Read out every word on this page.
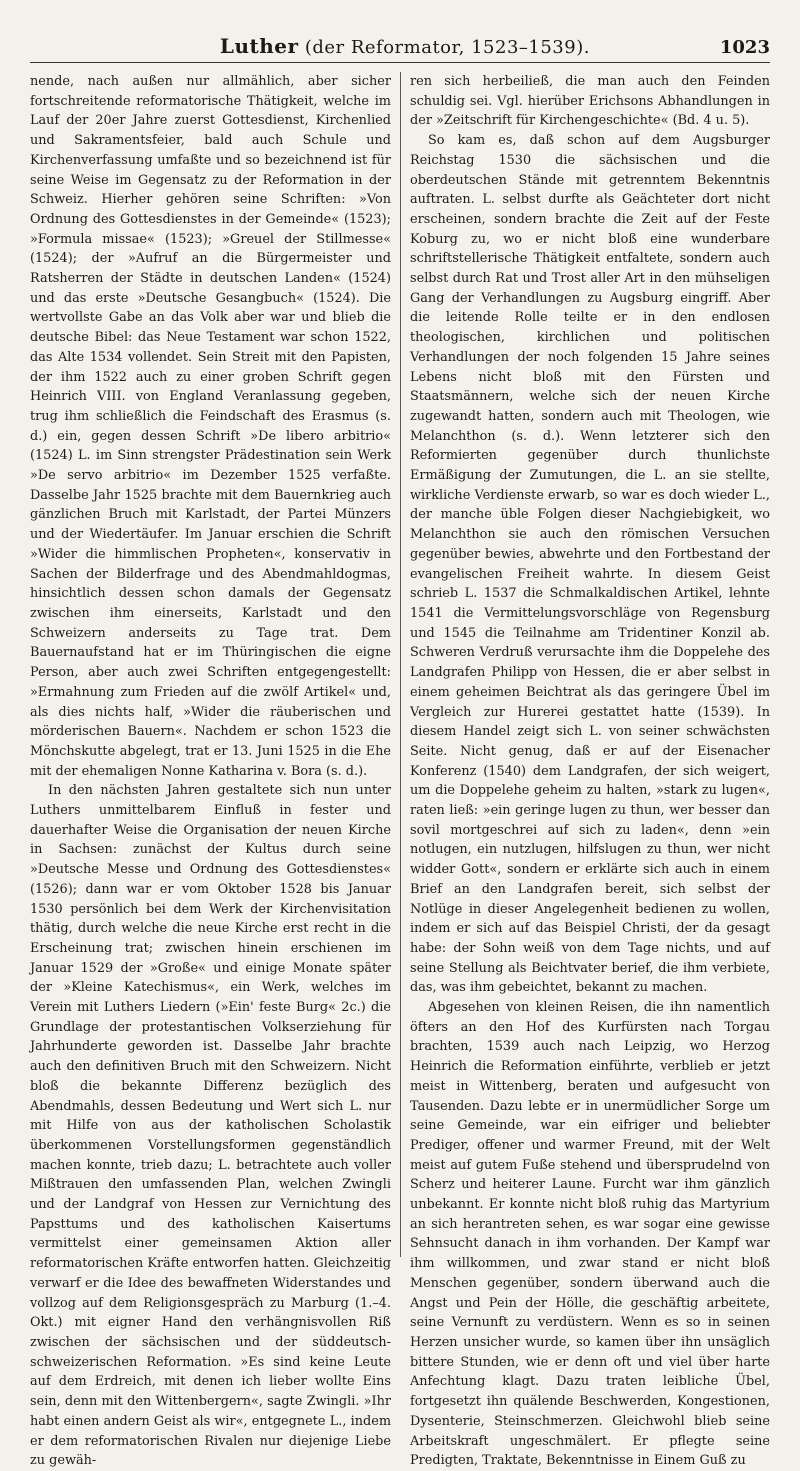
Luther (der Reformator, 1523–1539).	1023

nende, nach außen nur allmählich, aber sicher fortschreitende reformatorische Thätigkeit, welche im Lauf der 20er Jahre zuerst Gottesdienst, Kirchenlied und Sakramentsfeier, bald auch Schule und Kirchenverfassung umfaßte und so bezeichnend ist für seine Weise im Gegensatz zu der Reformation in der Schweiz. Hierher gehören seine Schriften: »Von Ordnung des Gottesdienstes in der Gemeinde« (1523); »Formula missae« (1523); »Greuel der Stillmesse« (1524); der »Aufruf an die Bürgermeister und Ratsherren der Städte in deutschen Landen« (1524) und das erste »Deutsche Gesangbuch« (1524). Die wertvollste Gabe an das Volk aber war und blieb die deutsche Bibel: das Neue Testament war schon 1522, das Alte 1534 vollendet. Sein Streit mit den Papisten, der ihm 1522 auch zu einer groben Schrift gegen Heinrich VIII. von England Veranlassung gegeben, trug ihm schließlich die Feindschaft des Erasmus (s. d.) ein, gegen dessen Schrift »De libero arbitrio« (1524) L. im Sinn strengster Prädestination sein Werk »De servo arbitrio« im Dezember 1525 verfaßte. Dasselbe Jahr 1525 brachte mit dem Bauernkrieg auch gänzlichen Bruch mit Karlstadt, der Partei Münzers und der Wiedertäufer. Im Januar erschien die Schrift »Wider die himmlischen Propheten«, konservativ in Sachen der Bilderfrage und des Abendmahldogmas, hinsichtlich dessen schon damals der Gegensatz zwischen ihm einerseits, Karlstadt und den Schweizern anderseits zu Tage trat. Dem Bauernaufstand hat er im Thüringischen die eigne Person, aber auch zwei Schriften entgegengestellt: »Ermahnung zum Frieden auf die zwölf Artikel« und, als dies nichts half, »Wider die räuberischen und mörderischen Bauern«. Nachdem er schon 1523 die Mönchskutte abgelegt, trat er 13. Juni 1525 in die Ehe mit der ehemaligen Nonne Katharina v. Bora (s. d.).

In den nächsten Jahren gestaltete sich nun unter Luthers unmittelbarem Einfluß in fester und dauerhafter Weise die Organisation der neuen Kirche in Sachsen: zunächst der Kultus durch seine »Deutsche Messe und Ordnung des Gottesdienstes« (1526); dann war er vom Oktober 1528 bis Januar 1530 persönlich bei dem Werk der Kirchenvisitation thätig, durch welche die neue Kirche erst recht in die Erscheinung trat; zwischen hinein erschienen im Januar 1529 der »Große« und einige Monate später der »Kleine Katechismus«, ein Werk, welches im Verein mit Luthers Liedern (»Ein' feste Burg« 2c.) die Grundlage der protestantischen Volkserziehung für Jahrhunderte geworden ist. Dasselbe Jahr brachte auch den definitiven Bruch mit den Schweizern. Nicht bloß die bekannte Differenz bezüglich des Abendmahls, dessen Bedeutung und Wert sich L. nur mit Hilfe von aus der katholischen Scholastik überkommenen Vorstellungsformen gegenständlich machen konnte, trieb dazu; L. betrachtete auch voller Mißtrauen den umfassenden Plan, welchen Zwingli und der Landgraf von Hessen zur Vernichtung des Papsttums und des katholischen Kaisertums vermittelst einer gemeinsamen Aktion aller reformatorischen Kräfte entworfen hatten. Gleichzeitig verwarf er die Idee des bewaffneten Widerstandes und vollzog auf dem Religionsgespräch zu Marburg (1.–4. Okt.) mit eigner Hand den verhängnisvollen Riß zwischen der sächsischen und der süddeutsch-schweizerischen Reformation. »Es sind keine Leute auf dem Erdreich, mit denen ich lieber wollte Eins sein, denn mit den Wittenbergern«, sagte Zwingli. »Ihr habt einen andern Geist als wir«, entgegnete L., indem er dem reformatorischen Rivalen nur diejenige Liebe zu gewäh-

ren sich herbeiließ, die man auch den Feinden schuldig sei. Vgl. hierüber Erichsons Abhandlungen in der »Zeitschrift für Kirchengeschichte« (Bd. 4 u. 5).

So kam es, daß schon auf dem Augsburger Reichstag 1530 die sächsischen und die oberdeutschen Stände mit getrenntem Bekenntnis auftraten. L. selbst durfte als Geächteter dort nicht erscheinen, sondern brachte die Zeit auf der Feste Koburg zu, wo er nicht bloß eine wunderbare schriftstellerische Thätigkeit entfaltete, sondern auch selbst durch Rat und Trost aller Art in den mühseligen Gang der Verhandlungen zu Augsburg eingriff. Aber die leitende Rolle teilte er in den endlosen theologischen, kirchlichen und politischen Verhandlungen der noch folgenden 15 Jahre seines Lebens nicht bloß mit den Fürsten und Staatsmännern, welche sich der neuen Kirche zugewandt hatten, sondern auch mit Theologen, wie Melanchthon (s. d.). Wenn letzterer sich den Reformierten gegenüber durch thunlichste Ermäßigung der Zumutungen, die L. an sie stellte, wirkliche Verdienste erwarb, so war es doch wieder L., der manche üble Folgen dieser Nachgiebigkeit, wo Melanchthon sie auch den römischen Versuchen gegenüber bewies, abwehrte und den Fortbestand der evangelischen Freiheit wahrte. In diesem Geist schrieb L. 1537 die Schmalkaldischen Artikel, lehnte 1541 die Vermittelungsvorschläge von Regensburg und 1545 die Teilnahme am Tridentiner Konzil ab. Schweren Verdruß verursachte ihm die Doppelehe des Landgrafen Philipp von Hessen, die er aber selbst in einem geheimen Beichtrat als das geringere Übel im Vergleich zur Hurerei gestattet hatte (1539). In diesem Handel zeigt sich L. von seiner schwächsten Seite. Nicht genug, daß er auf der Eisenacher Konferenz (1540) dem Landgrafen, der sich weigert, um die Doppelehe geheim zu halten, »stark zu lugen«, raten ließ: »ein geringe lugen zu thun, wer besser dan sovil mortgeschrei auf sich zu laden«, denn »ein notlugen, ein nutzlugen, hilfslugen zu thun, wer nicht widder Gott«, sondern er erklärte sich auch in einem Brief an den Landgrafen bereit, sich selbst der Notlüge in dieser Angelegenheit bedienen zu wollen, indem er sich auf das Beispiel Christi, der da gesagt habe: der Sohn weiß von dem Tage nichts, und auf seine Stellung als Beichtvater berief, die ihm verbiete, das, was ihm gebeichtet, bekannt zu machen.

Abgesehen von kleinen Reisen, die ihn namentlich öfters an den Hof des Kurfürsten nach Torgau brachten, 1539 auch nach Leipzig, wo Herzog Heinrich die Reformation einführte, verblieb er jetzt meist in Wittenberg, beraten und aufgesucht von Tausenden. Dazu lebte er in unermüdlicher Sorge um seine Gemeinde, war ein eifriger und beliebter Prediger, offener und warmer Freund, mit der Welt meist auf gutem Fuße stehend und übersprudelnd von Scherz und heiterer Laune. Furcht war ihm gänzlich unbekannt. Er konnte nicht bloß ruhig das Martyrium an sich herantreten sehen, es war sogar eine gewisse Sehnsucht danach in ihm vorhanden. Der Kampf war ihm willkommen, und zwar stand er nicht bloß Menschen gegenüber, sondern überwand auch die Angst und Pein der Hölle, die geschäftig arbeitete, seine Vernunft zu verdüstern. Wenn es so in seinen Herzen unsicher wurde, so kamen über ihn unsäglich bittere Stunden, wie er denn oft und viel über harte Anfechtung klagt. Dazu traten leibliche Übel, fortgesetzt ihn quälende Beschwerden, Kongestionen, Dysenterie, Steinschmerzen. Gleichwohl blieb seine Arbeitskraft ungeschmälert. Er pflegte seine Predigten, Traktate, Bekenntnisse in Einem Guß zu
